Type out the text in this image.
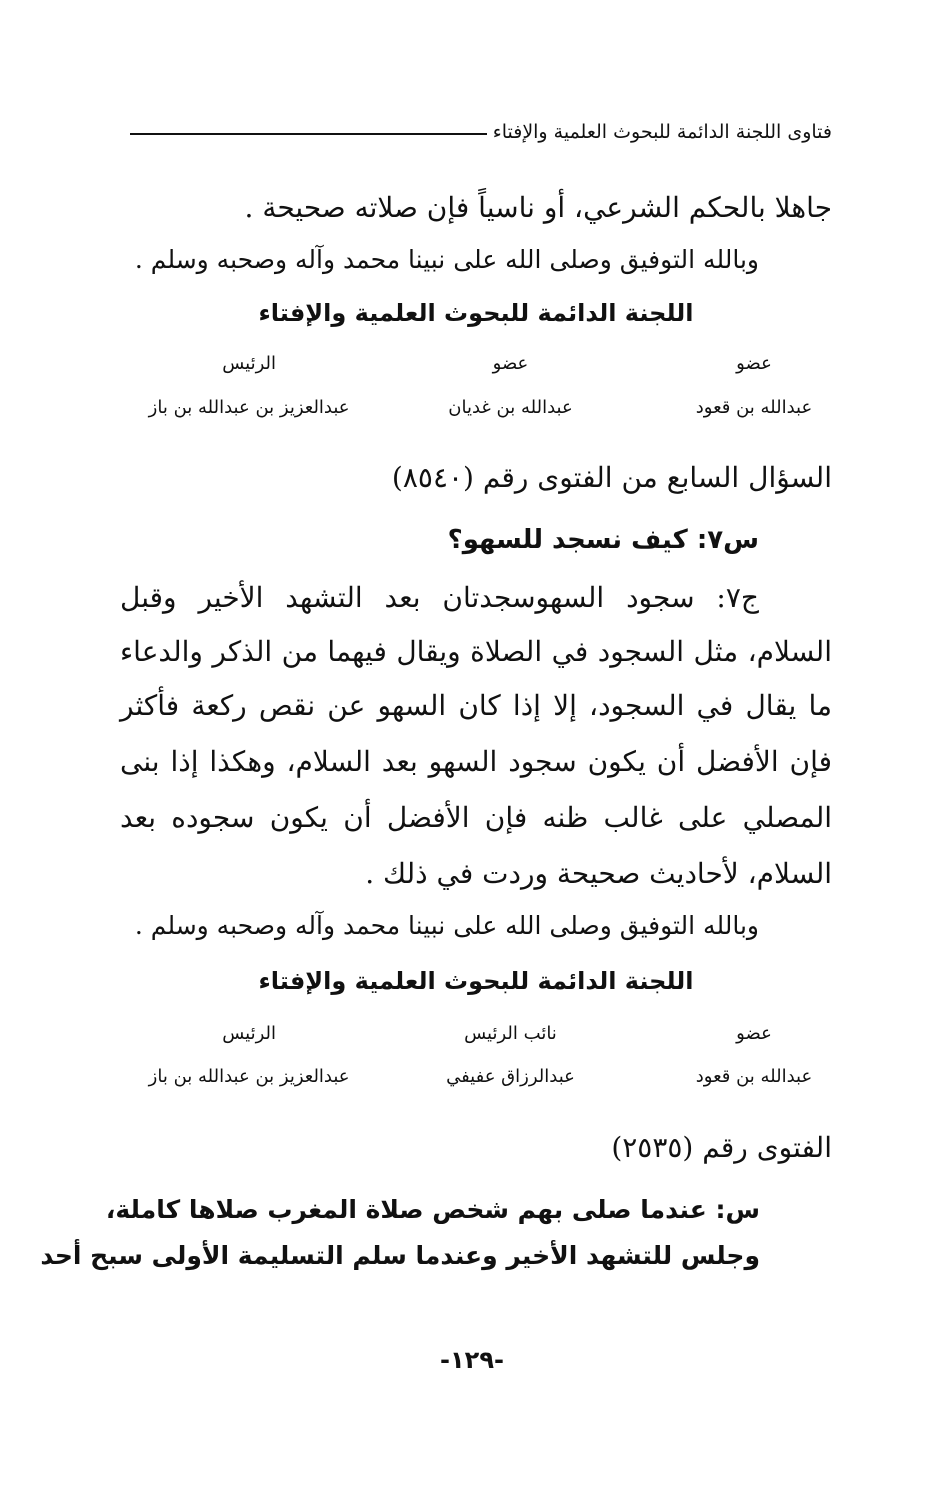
فتاوى اللجنة الدائمة للبحوث العلمية والإفتاء
جاهلا بالحكم الشرعي، أو ناسياً فإن صلاته صحيحة .
وبالله التوفيق وصلى الله على نبينا محمد وآله وصحبه وسلم .
اللجنة الدائمة للبحوث العلمية والإفتاء
عضو
عضو
الرئيس
عبدالله بن قعود
عبدالله بن غديان
عبدالعزيز بن عبدالله بن باز
السؤال السابع من الفتوى رقم (٨٥٤٠)
س٧: كيف نسجد للسهو؟
ج٧: سجود السهوسجدتان بعد التشهد الأخير وقبل
السلام، مثل السجود في الصلاة ويقال فيهما من الذكر والدعاء
ما يقال في السجود، إلا إذا كان السهو عن نقص ركعة فأكثر
فإن الأفضل أن يكون سجود السهو بعد السلام، وهكذا إذا بنى
المصلي على غالب ظنه فإن الأفضل أن يكون سجوده بعد
السلام، لأحاديث صحيحة وردت في ذلك .
وبالله التوفيق وصلى الله على نبينا محمد وآله وصحبه وسلم .
اللجنة الدائمة للبحوث العلمية والإفتاء
عضو
نائب الرئيس
الرئيس
عبدالله بن قعود
عبدالرزاق عفيفي
عبدالعزيز بن عبدالله بن باز
الفتوى رقم (٢٥٣٥)
س: عندما صلى بهم شخص صلاة المغرب صلاها كاملة،
وجلس للتشهد الأخير وعندما سلم التسليمة الأولى سبح أحد
-١٢٩-
